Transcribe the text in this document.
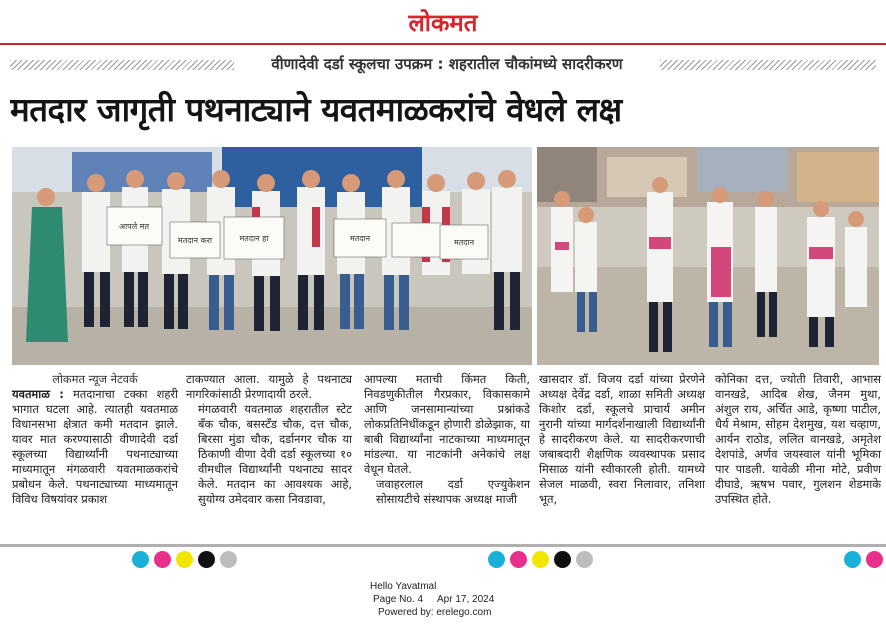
लोकमत
वीणादेवी दर्डा स्कूलचा उपक्रम : शहरातील चौकांमध्ये सादरीकरण
मतदार जागृती पथनाट्याने यवतमाळकरांचे वेधले लक्ष
आपले मत
मतदान करा	मतदान हा	मतदान	मतदान
लोकमत न्यूज नेटवर्क

यवतमाळ : मतदानाचा टक्का शहरी भागात घटला आहे. त्यातही यवतमाळ विधानसभा क्षेत्रात कमी मतदान झाले. यावर मात करण्यासाठी वीणादेवी दर्डा स्कूलच्या विद्यार्थ्यांनी पथनाट्याच्या माध्यमातून मंगळवारी यवतमाळकरांचे प्रबोधन केले. पथनाट्याच्या माध्यमातून विविध विषयांवर प्रकाश

टाकण्यात आला. यामुळे हे पथनाट्य नागरिकांसाठी प्रेरणादायी ठरले.

मंगळवारी यवतमाळ शहरातील स्टेट बँक चौक, बसस्टँड चौक, दत्त चौक, बिरसा मुंडा चौक, दर्डानगर चौक या ठिकाणी वीणा देवी दर्डा स्कूलच्या १० वीमधील विद्यार्थ्यांनी पथनाट्य सादर केले. मतदान का आवश्यक आहे, सुयोग्य उमेदवार कसा निवडावा,

आपल्या मताची किंमत किती, निवडणुकीतील गैरप्रकार, विकासकामे आणि जनसामान्यांच्या प्रश्नांकडे लोकप्रतिनिधींकडून होणारी डोळेझाक, या बाबी विद्यार्थ्यांना नाटकाच्या माध्यमातून मांडल्या. या नाटकांनी अनेकांचे लक्ष वेधून घेतले.

जवाहरलाल दर्डा एज्युकेशन सोसायटीचे संस्थापक अध्यक्ष माजी

खासदार डॉ. विजय दर्डा यांच्या प्रेरणेने अध्यक्ष देवेंद्र दर्डा, शाळा समिती अध्यक्ष किशोर दर्डा, स्कूलचे प्राचार्य अमीन नुरानी यांच्या मार्गदर्शनाखाली विद्यार्थ्यांनी हे सादरीकरण केले. या सादरीकरणाची जबाबदारी शैक्षणिक व्यवस्थापक प्रसाद मिसाळ यांनी स्वीकारली होती. यामध्ये सेजल माळवी, स्वरा निलावार, तनिशा भूत,

कोनिका दत्त, ज्योती तिवारी, आभास वानखडे, आदिब शेख, जैनम मुथा, अंशुल राय, अर्चित आडे, कृष्णा पाटील, धैर्य मेश्राम, सोहम देशमुख, यश चव्हाण, आर्यन राठोड, ललित वानखडे, अमृतेश देशपांडे, अर्णव जयस्वाल यांनी भूमिका पार पाडली. यावेळी मीना मोटे, प्रवीण दीघाडे, ऋषभ पवार, गुलशन शेडमाके उपस्थित होते.

Hello Yavatmal
Page No. 4 Apr 17, 2024
Powered by: erelego.com
